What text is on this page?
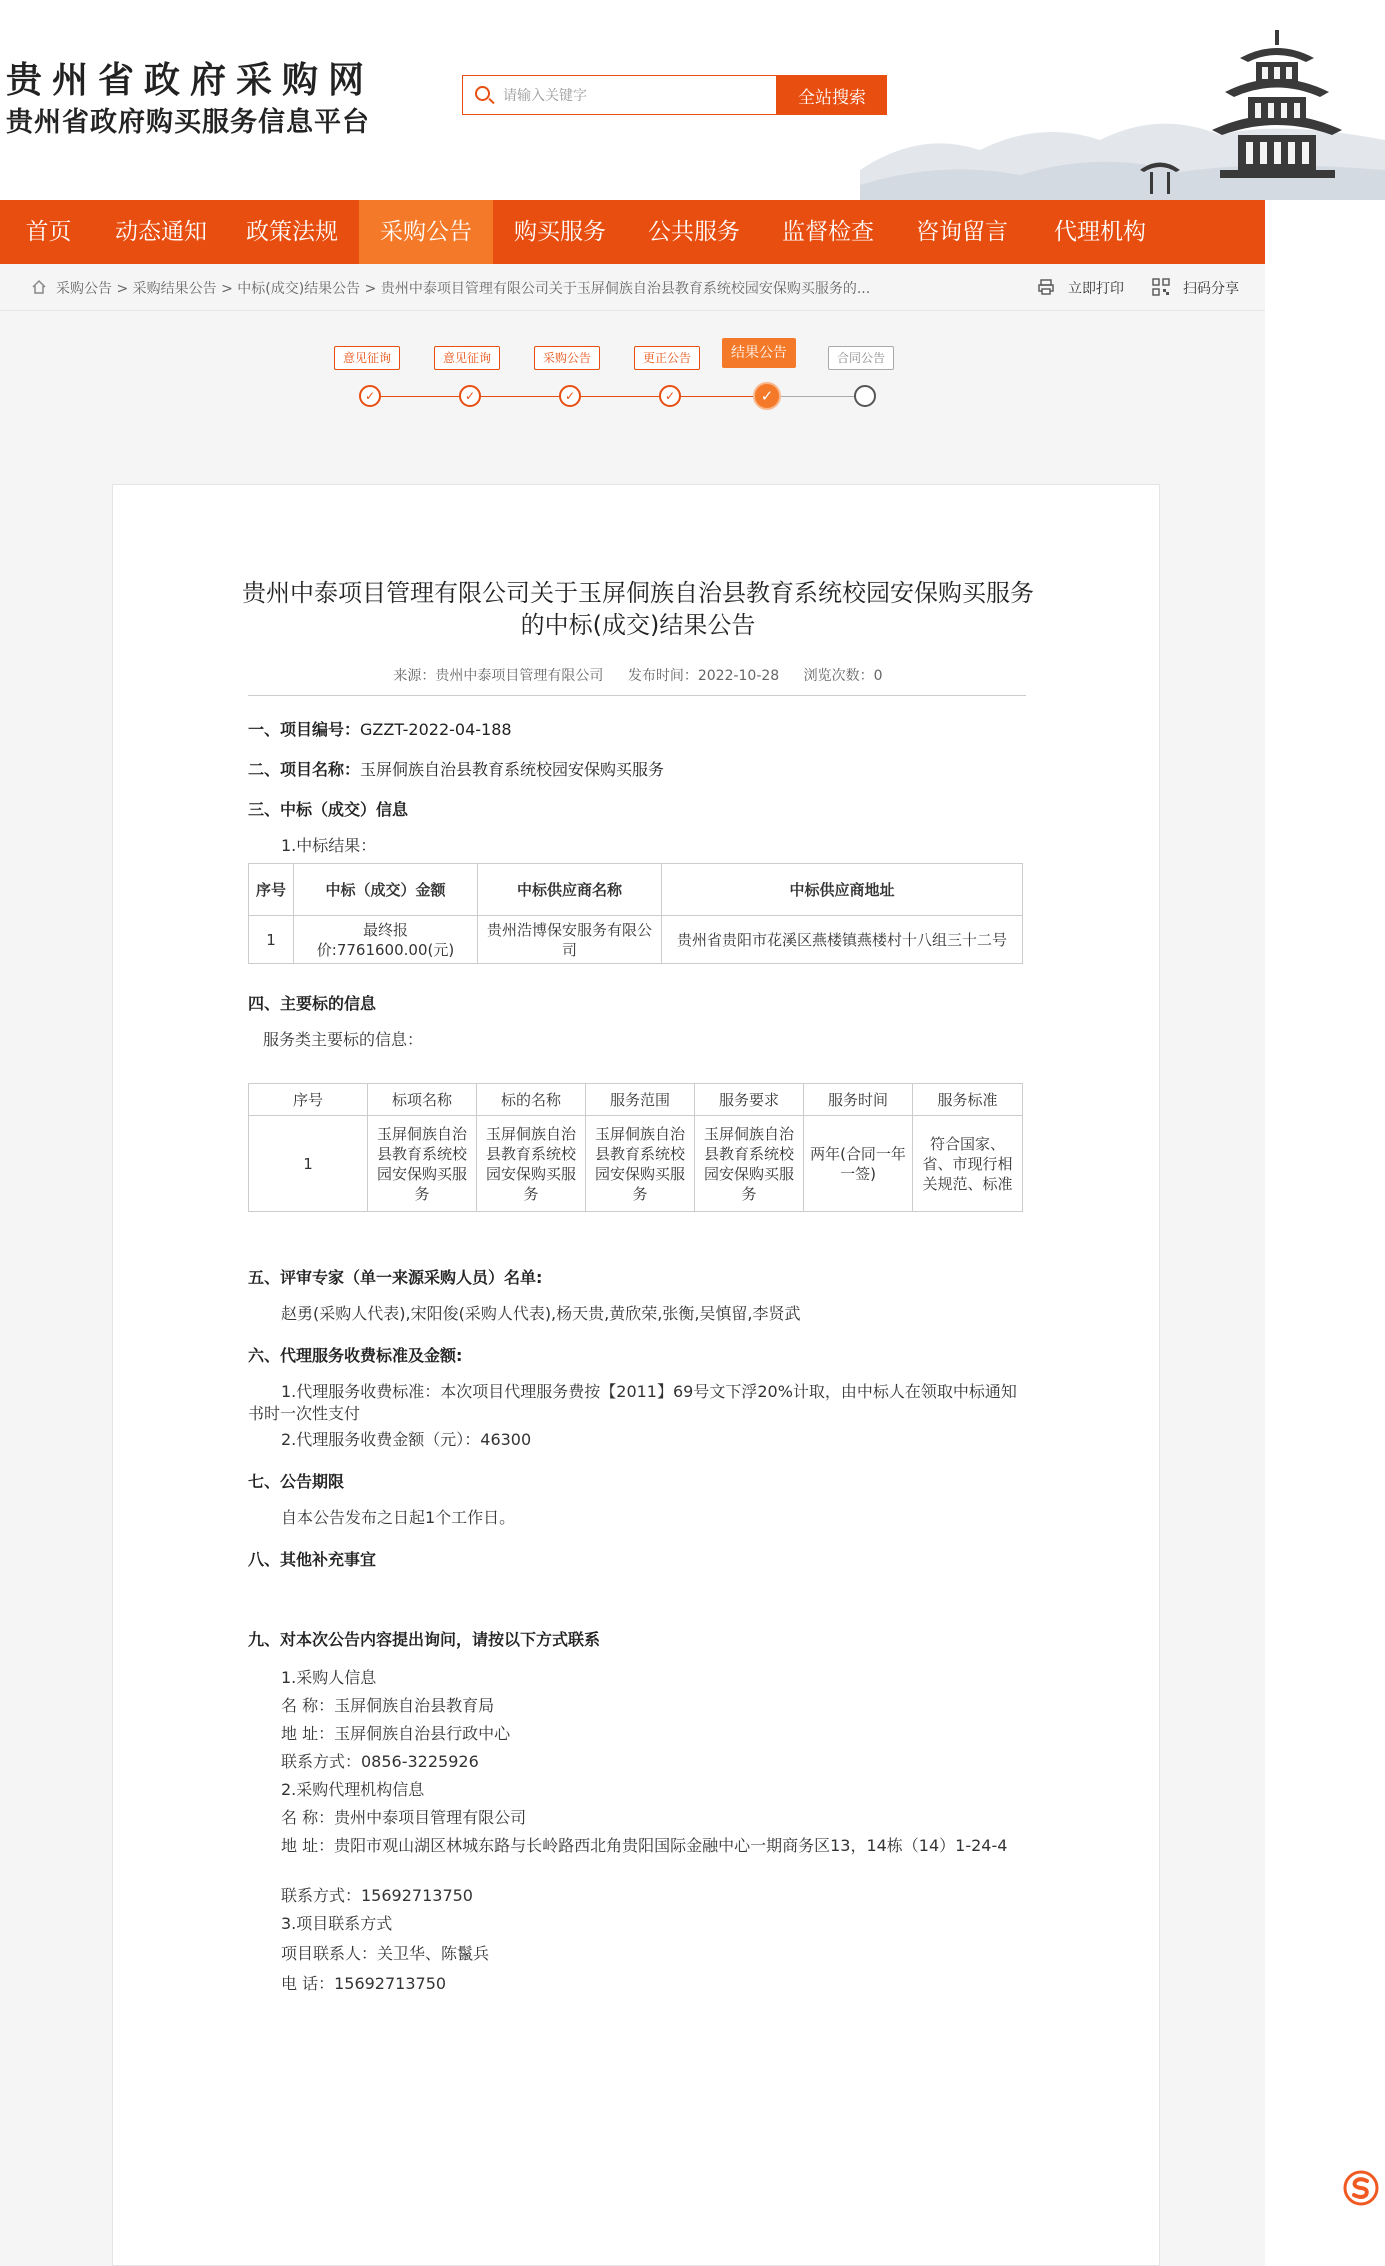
贵州省政府采购网
贵州省政府购买服务信息平台
请输入关键字
全站搜索
首页	动态通知	政策法规	采购公告	购买服务	公共服务	监督检查	咨询留言	代理机构
采购公告 > 采购结果公告 > 中标(成交)结果公告 > 贵州中泰项目管理有限公司关于玉屏侗族自治县教育系统校园安保购买服务的...	立即打印	扫码分享
意见征询	意见征询	采购公告	更正公告	结果公告	合同公告
✓	✓	✓	✓	✓
贵州中泰项目管理有限公司关于玉屏侗族自治县教育系统校园安保购买服务的中标(成交)结果公告
来源：贵州中泰项目管理有限公司 发布时间：2022-10-28 浏览次数：0
一、项目编号：GZZT-2022-04-188
二、项目名称：玉屏侗族自治县教育系统校园安保购买服务
三、中标（成交）信息
1.中标结果：
序号	中标（成交）金额	中标供应商名称	中标供应商地址
1	最终报价:7761600.00(元)	贵州浩博保安服务有限公司	贵州省贵阳市花溪区燕楼镇燕楼村十八组三十二号
四、主要标的信息
服务类主要标的信息：
序号	标项名称	标的名称	服务范围	服务要求	服务时间	服务标准
1	玉屏侗族自治县教育系统校园安保购买服务	玉屏侗族自治县教育系统校园安保购买服务	玉屏侗族自治县教育系统校园安保购买服务	玉屏侗族自治县教育系统校园安保购买服务	两年(合同一年一签)	符合国家、省、市现行相关规范、标准
五、评审专家（单一来源采购人员）名单:
赵勇(采购人代表),宋阳俊(采购人代表),杨天贵,黄欣荣,张衡,吴慎留,李贤武
六、代理服务收费标准及金额:
1.代理服务收费标准：本次项目代理服务费按【2011】69号文下浮20%计取，由中标人在领取中标通知书时一次性支付
2.代理服务收费金额（元）：46300
七、公告期限
自本公告发布之日起1个工作日。
八、其他补充事宜
九、对本次公告内容提出询问，请按以下方式联系
1.采购人信息
名 称：玉屏侗族自治县教育局
地 址：玉屏侗族自治县行政中心
联系方式：0856-3225926
2.采购代理机构信息
名 称：贵州中泰项目管理有限公司
地 址：贵阳市观山湖区林城东路与长岭路西北角贵阳国际金融中心一期商务区13，14栋（14）1-24-4
联系方式：15692713750
3.项目联系方式
项目联系人：关卫华、陈鬣兵
电 话：15692713750
